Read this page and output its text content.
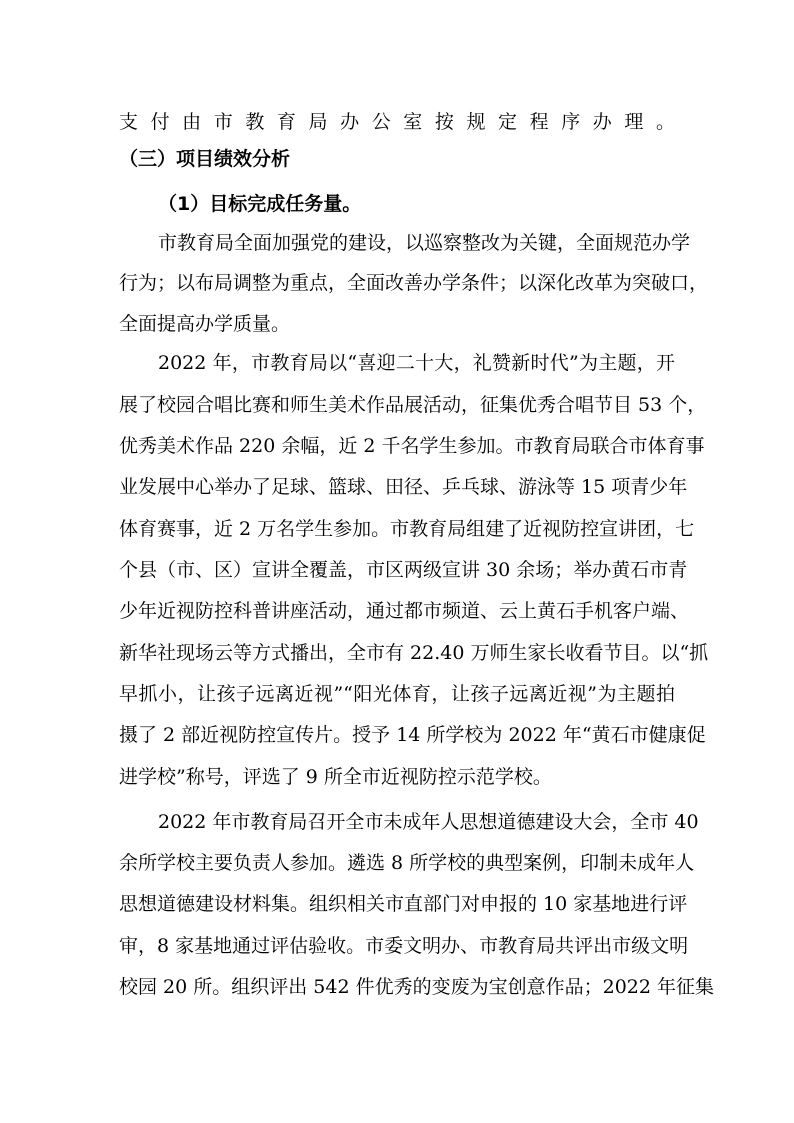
支付由市教育局办公室按规定程序办理。
（三）项目绩效分析
（1）目标完成任务量。
市教育局全面加强党的建设，以巡察整改为关键，全面规范办学
行为；以布局调整为重点，全面改善办学条件；以深化改革为突破口，
全面提高办学质量。
2022 年，市教育局以“喜迎二十大，礼赞新时代”为主题，开
展了校园合唱比赛和师生美术作品展活动，征集优秀合唱节目 53 个，
优秀美术作品 220 余幅，近 2 千名学生参加。市教育局联合市体育事
业发展中心举办了足球、篮球、田径、乒乓球、游泳等 15 项青少年
体育赛事，近 2 万名学生参加。市教育局组建了近视防控宣讲团，七
个县（市、区）宣讲全覆盖，市区两级宣讲 30 余场；举办黄石市青
少年近视防控科普讲座活动，通过都市频道、云上黄石手机客户端、
新华社现场云等方式播出，全市有 22.40 万师生家长收看节目。以“抓
早抓小，让孩子远离近视”“阳光体育，让孩子远离近视”为主题拍
摄了 2 部近视防控宣传片。授予 14 所学校为 2022 年“黄石市健康促
进学校”称号，评选了 9 所全市近视防控示范学校。
2022 年市教育局召开全市未成年人思想道德建设大会，全市 40
余所学校主要负责人参加。遴选 8 所学校的典型案例，印制未成年人
思想道德建设材料集。组织相关市直部门对申报的 10 家基地进行评
审，8 家基地通过评估验收。市委文明办、市教育局共评出市级文明
校园 20 所。组织评出 542 件优秀的变废为宝创意作品；2022 年征集
